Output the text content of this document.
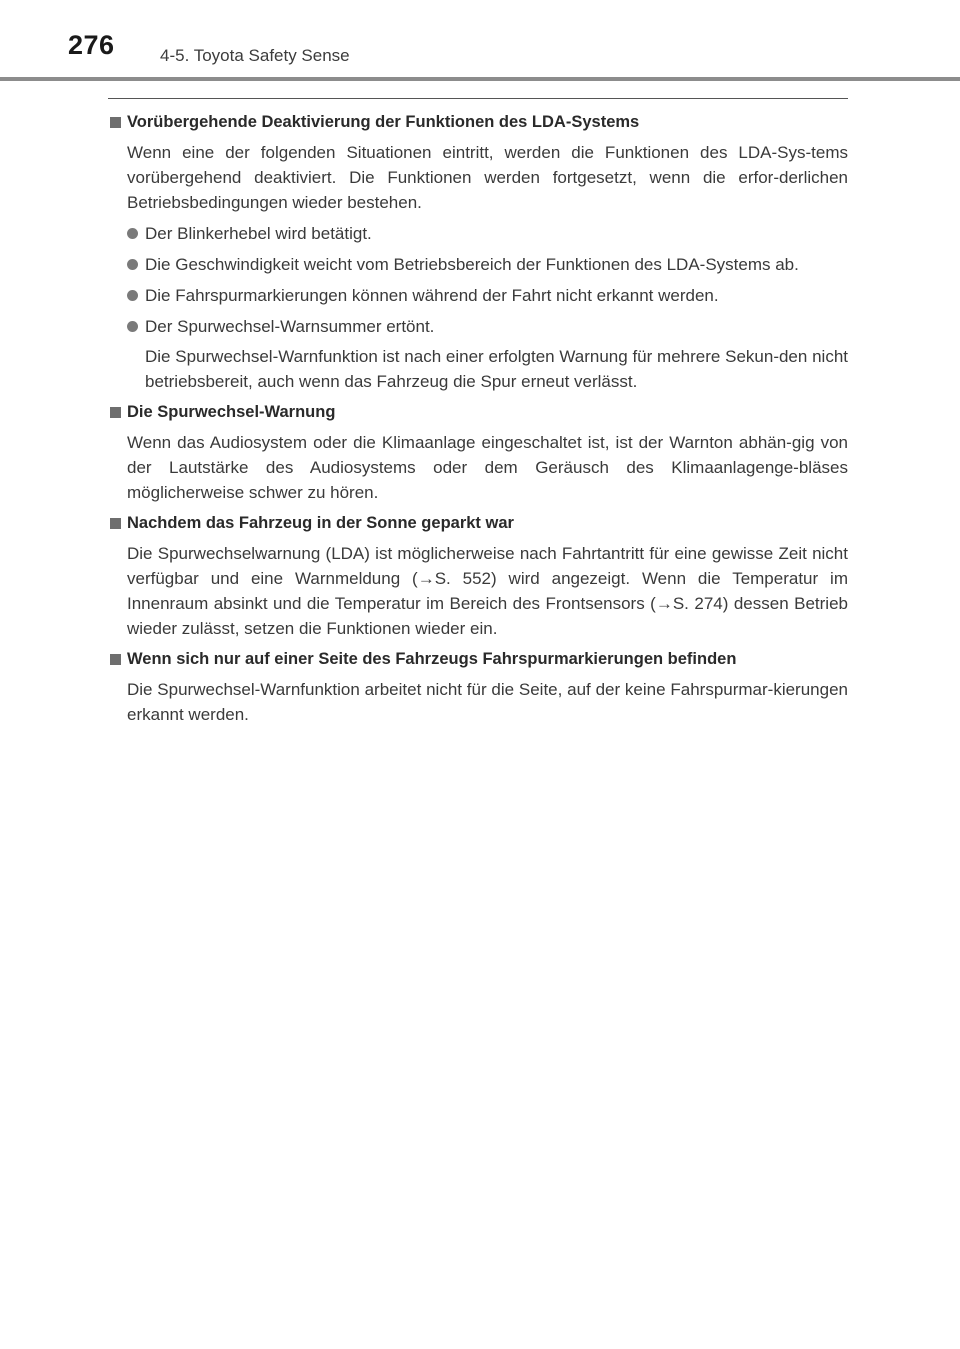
276	4-5. Toyota Safety Sense

Vorübergehende Deaktivierung der Funktionen des LDA-Systems

Wenn eine der folgenden Situationen eintritt, werden die Funktionen des LDA-Sys-tems vorübergehend deaktiviert. Die Funktionen werden fortgesetzt, wenn die erfor-derlichen Betriebsbedingungen wieder bestehen.

Der Blinkerhebel wird betätigt.

Die Geschwindigkeit weicht vom Betriebsbereich der Funktionen des LDA-Systems ab.

Die Fahrspurmarkierungen können während der Fahrt nicht erkannt werden.

Der Spurwechsel-Warnsummer ertönt.

Die Spurwechsel-Warnfunktion ist nach einer erfolgten Warnung für mehrere Sekun-den nicht betriebsbereit, auch wenn das Fahrzeug die Spur erneut verlässt.

Die Spurwechsel-Warnung

Wenn das Audiosystem oder die Klimaanlage eingeschaltet ist, ist der Warnton abhän-gig von der Lautstärke des Audiosystems oder dem Geräusch des Klimaanlagenge-bläses möglicherweise schwer zu hören.

Nachdem das Fahrzeug in der Sonne geparkt war

Die Spurwechselwarnung (LDA) ist möglicherweise nach Fahrtantritt für eine gewisse Zeit nicht verfügbar und eine Warnmeldung (→S. 552) wird angezeigt. Wenn die Temperatur im Innenraum absinkt und die Temperatur im Bereich des Frontsensors (→S. 274) dessen Betrieb wieder zulässt, setzen die Funktionen wieder ein.

Wenn sich nur auf einer Seite des Fahrzeugs Fahrspurmarkierungen befinden

Die Spurwechsel-Warnfunktion arbeitet nicht für die Seite, auf der keine Fahrspurmar-kierungen erkannt werden.
